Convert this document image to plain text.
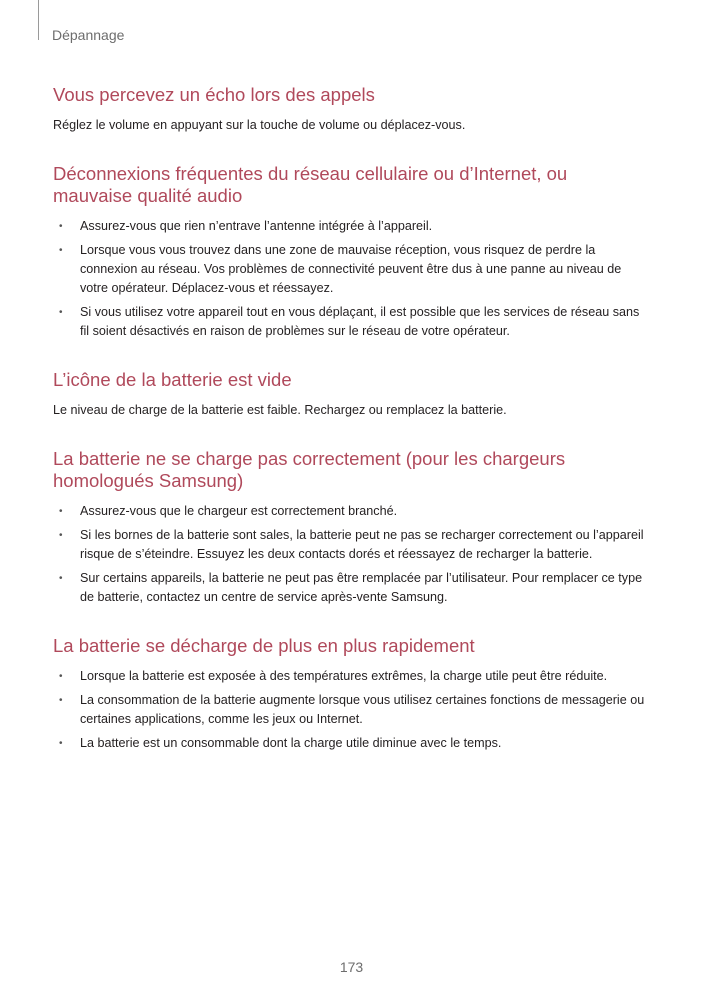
Dépannage
Vous percevez un écho lors des appels

Réglez le volume en appuyant sur la touche de volume ou déplacez-vous.

Déconnexions fréquentes du réseau cellulaire ou d’Internet, ou mauvaise qualité audio
• Assurez-vous que rien n’entrave l’antenne intégrée à l’appareil.
• Lorsque vous vous trouvez dans une zone de mauvaise réception, vous risquez de perdre la connexion au réseau. Vos problèmes de connectivité peuvent être dus à une panne au niveau de votre opérateur. Déplacez-vous et réessayez.
• Si vous utilisez votre appareil tout en vous déplaçant, il est possible que les services de réseau sans fil soient désactivés en raison de problèmes sur le réseau de votre opérateur.
L’icône de la batterie est vide

Le niveau de charge de la batterie est faible. Rechargez ou remplacez la batterie.

La batterie ne se charge pas correctement (pour les chargeurs homologués Samsung)
• Assurez-vous que le chargeur est correctement branché.
• Si les bornes de la batterie sont sales, la batterie peut ne pas se recharger correctement ou l’appareil risque de s’éteindre. Essuyez les deux contacts dorés et réessayez de recharger la batterie.
• Sur certains appareils, la batterie ne peut pas être remplacée par l’utilisateur. Pour remplacer ce type de batterie, contactez un centre de service après-vente Samsung.
La batterie se décharge de plus en plus rapidement
• Lorsque la batterie est exposée à des températures extrêmes, la charge utile peut être réduite.
• La consommation de la batterie augmente lorsque vous utilisez certaines fonctions de messagerie ou certaines applications, comme les jeux ou Internet.
• La batterie est un consommable dont la charge utile diminue avec le temps.
173
